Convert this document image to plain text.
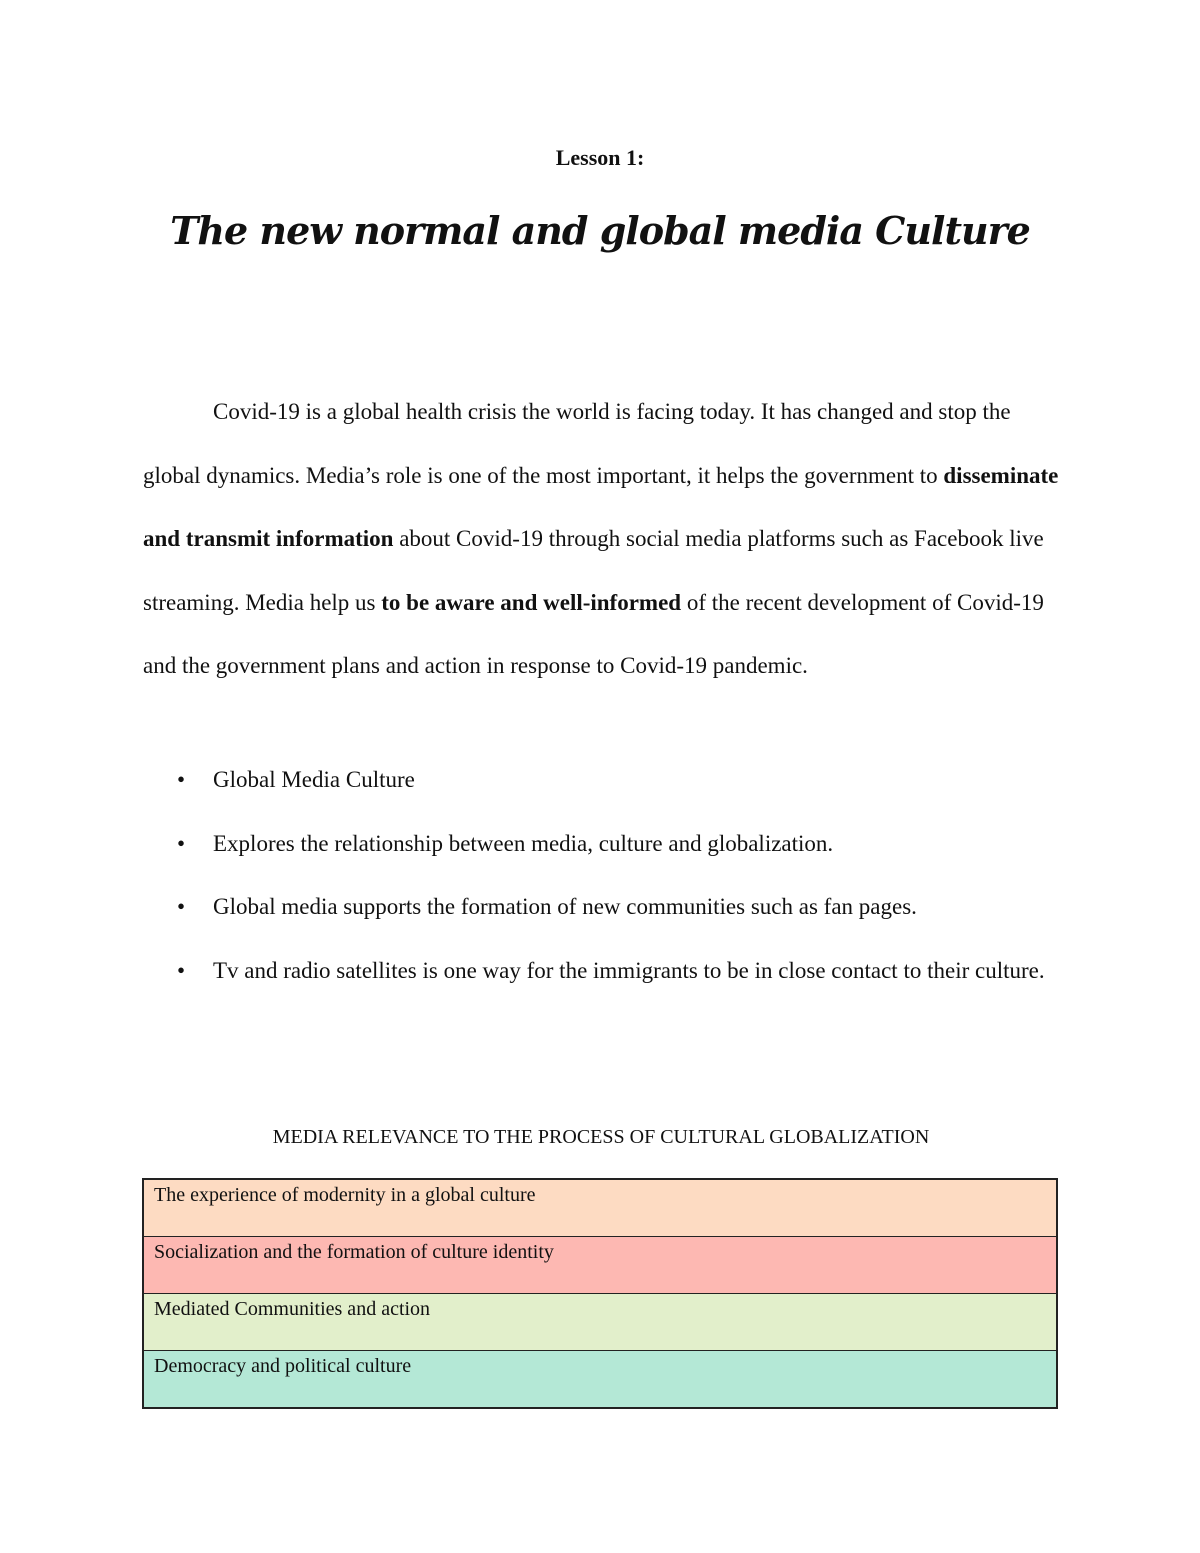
Lesson 1:
The new normal and global media Culture
Covid-19 is a global health crisis the world is facing today. It has changed and stop the global dynamics. Media’s role is one of the most important, it helps the government to disseminate and transmit information about Covid-19 through social media platforms such as Facebook live streaming. Media help us to be aware and well-informed of the recent development of Covid-19 and the government plans and action in response to Covid-19 pandemic.
• Global Media Culture
• Explores the relationship between media, culture and globalization.
• Global media supports the formation of new communities such as fan pages.
• Tv and radio satellites is one way for the immigrants to be in close contact to their culture.
MEDIA RELEVANCE TO THE PROCESS OF CULTURAL GLOBALIZATION
The experience of modernity in a global culture
Socialization and the formation of culture identity
Mediated Communities and action
Democracy and political culture
